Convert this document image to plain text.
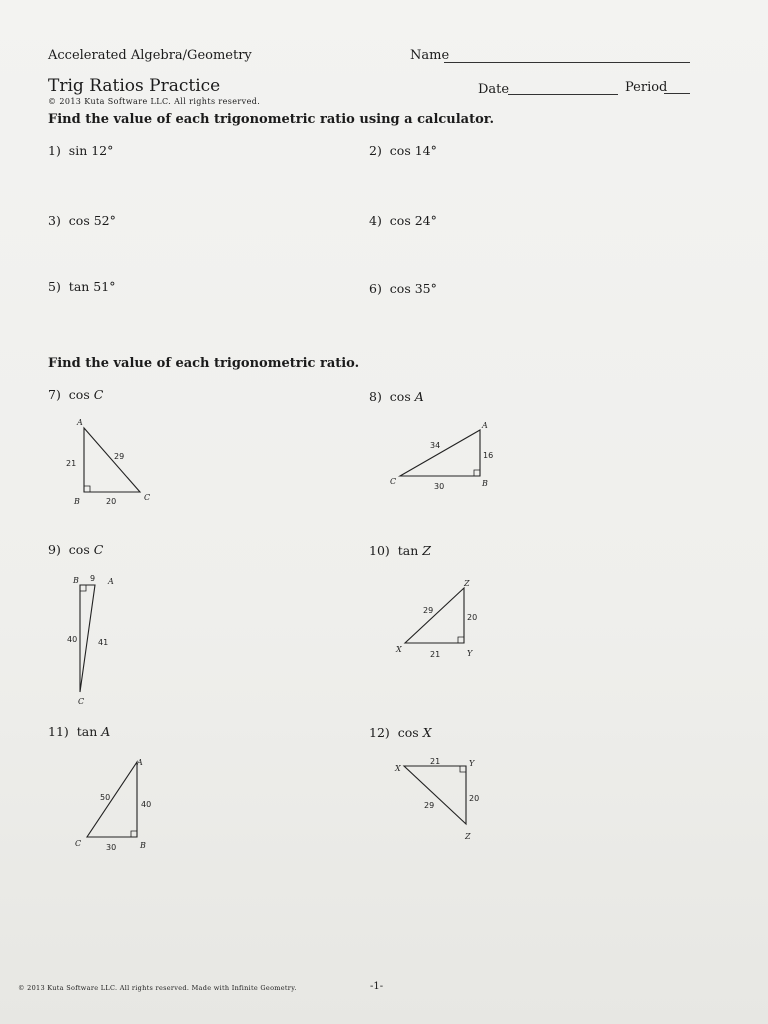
Accelerated Algebra/Geometry	Name
Trig Ratios Practice
© 2013 Kuta Software LLC. All rights reserved.
Date	Period
Find the value of each trigonometric ratio using a calculator.
1) sin 12°	2) cos 14°
3) cos 52°	4) cos 24°
5) tan 51°	6) cos 35°
Find the value of each trigonometric ratio.
7) cos C	8) cos A
9) cos C	10) tan Z
11) tan A	12) cos X
A
B	C
21
29
20
A
C	B
34
16
30
B	A
C
9
40	41
Z
X	Y
29
20
21
A
C	B
50
40
30
X
Y
Z
21
29
20
© 2013 Kuta Software LLC. All rights reserved. Made with Infinite Geometry.	-1-
